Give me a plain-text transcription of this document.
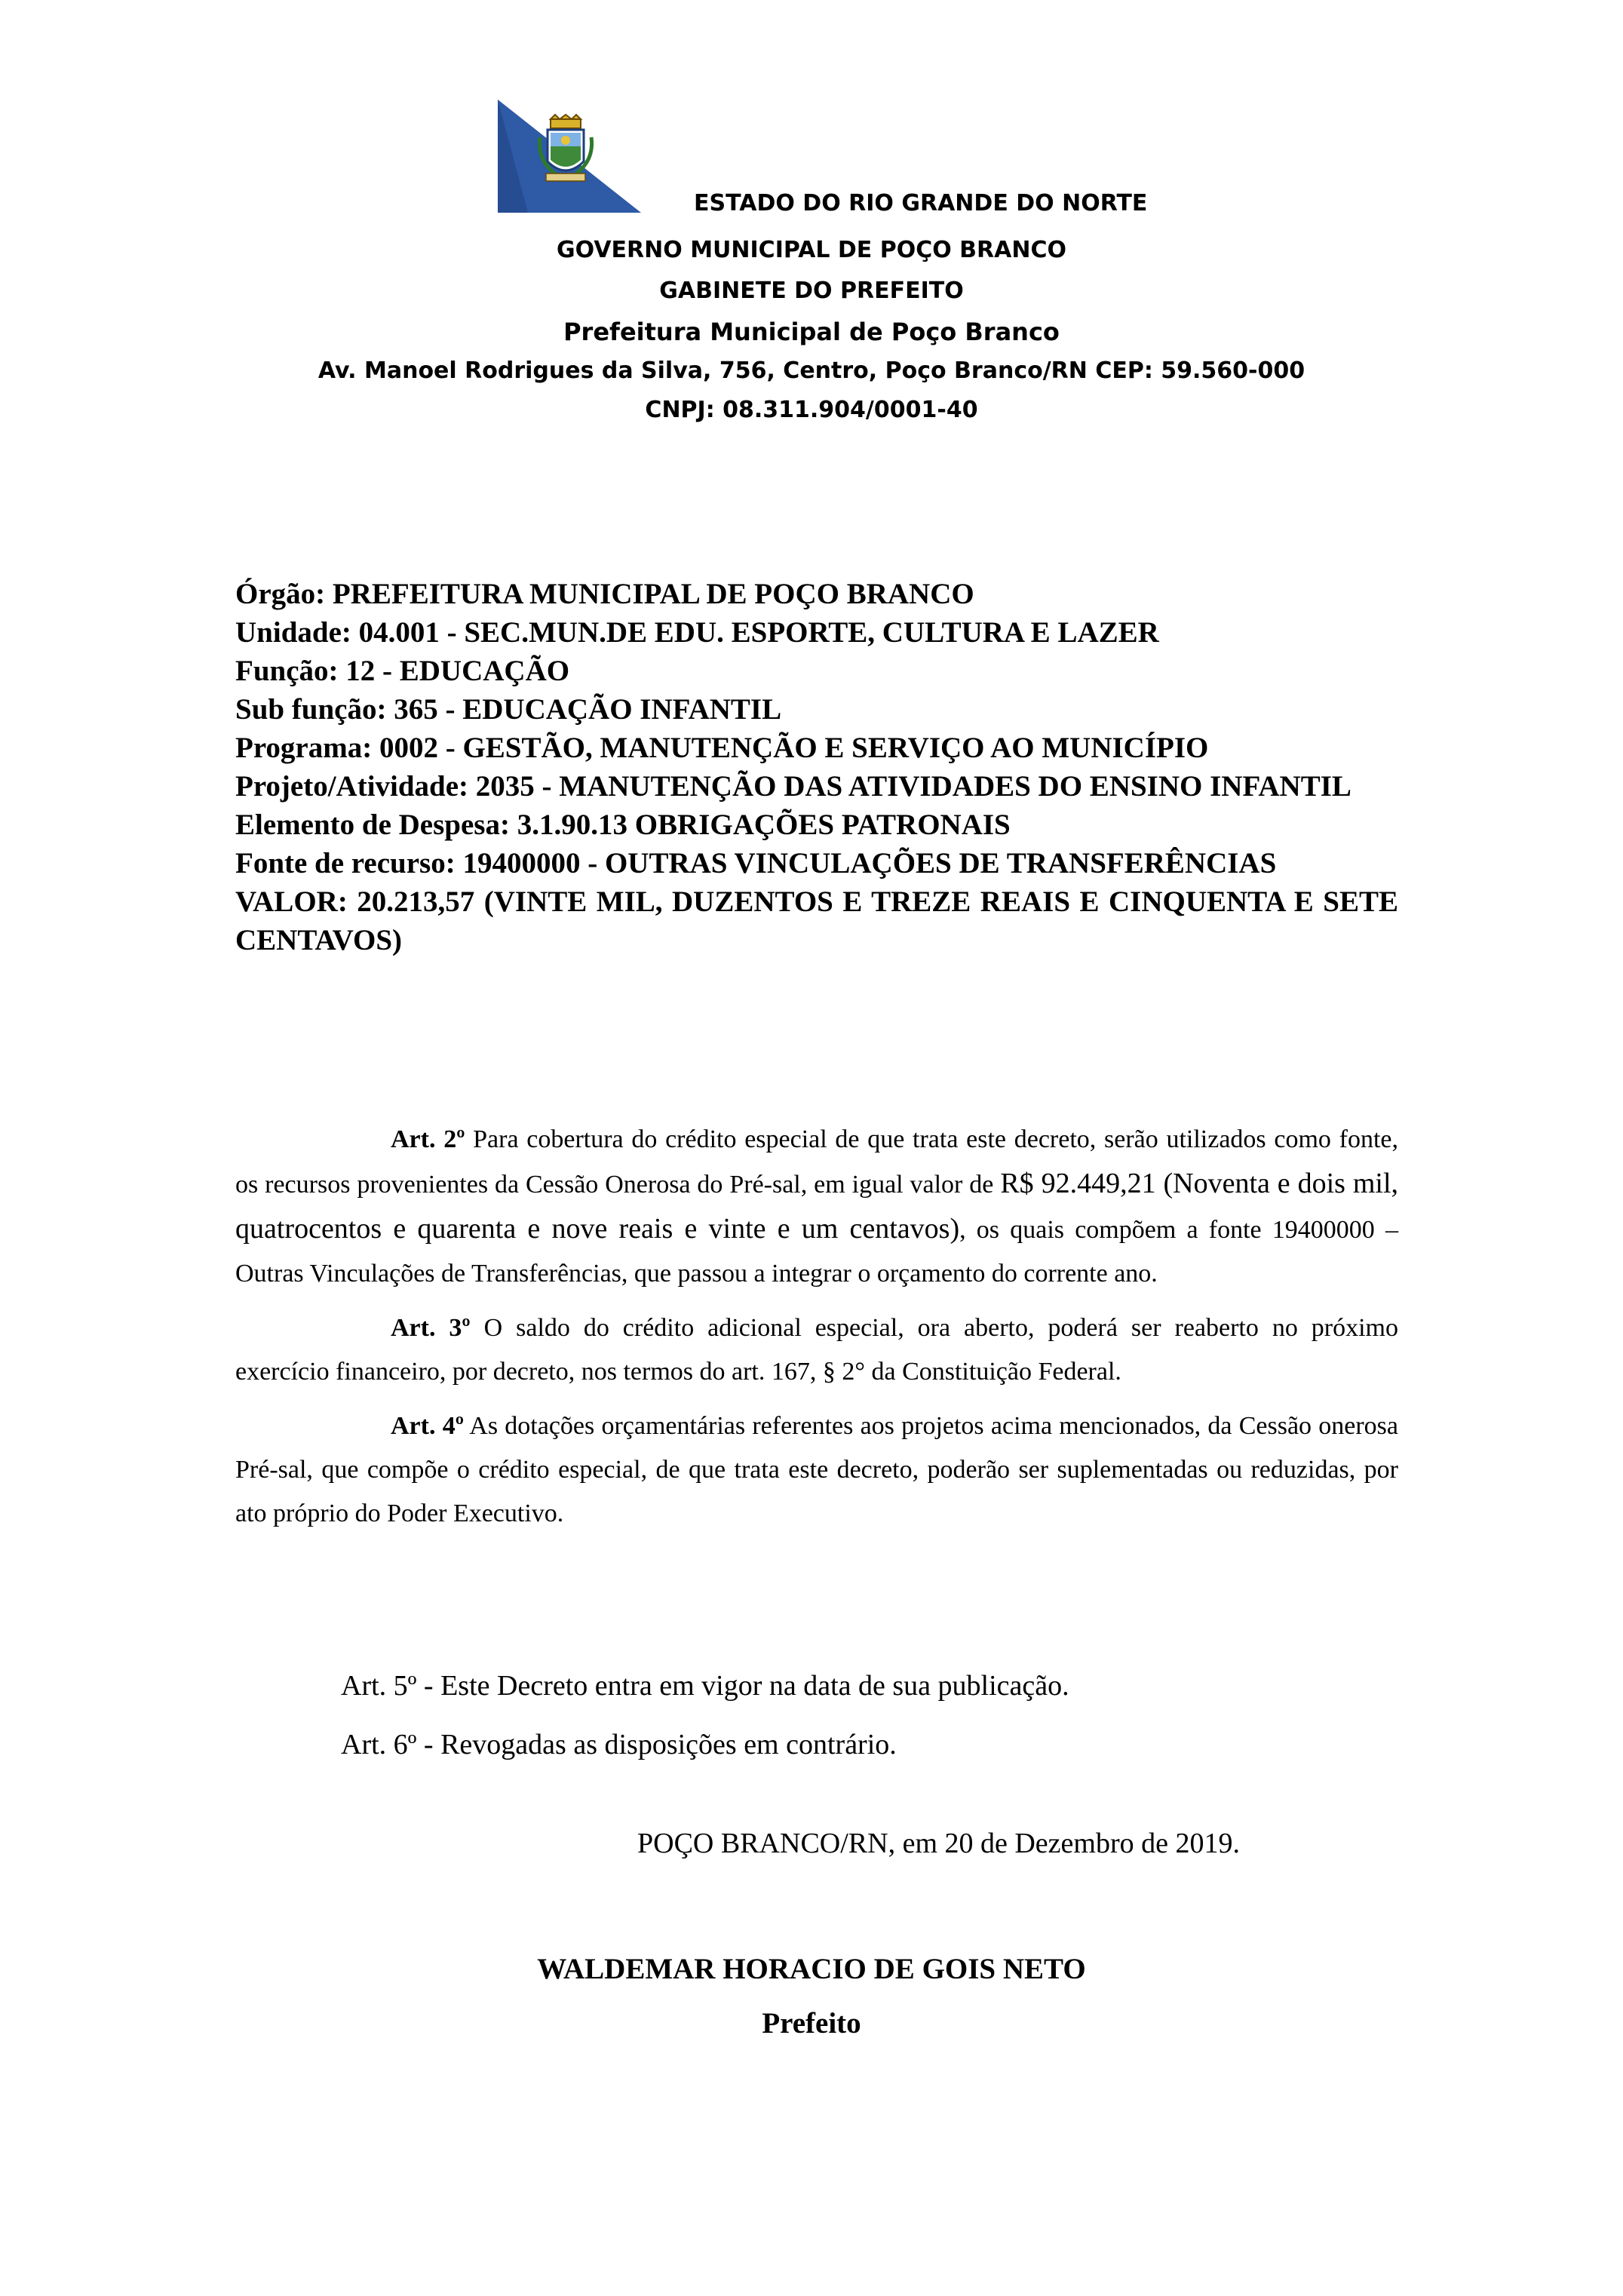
ESTADO DO RIO GRANDE DO NORTE
GOVERNO MUNICIPAL DE POÇO BRANCO
GABINETE DO PREFEITO
Prefeitura Municipal de Poço Branco
Av. Manoel Rodrigues da Silva, 756, Centro, Poço Branco/RN CEP: 59.560-000
CNPJ: 08.311.904/0001-40

Órgão: PREFEITURA MUNICIPAL DE POÇO BRANCO

Unidade: 04.001 - SEC.MUN.DE EDU. ESPORTE, CULTURA E LAZER

Função: 12 - EDUCAÇÃO

Sub função: 365 - EDUCAÇÃO INFANTIL

Programa: 0002 - GESTÃO, MANUTENÇÃO E SERVIÇO AO MUNICÍPIO

Projeto/Atividade: 2035 - MANUTENÇÃO DAS ATIVIDADES DO ENSINO INFANTIL

Elemento de Despesa: 3.1.90.13 OBRIGAÇÕES PATRONAIS

Fonte de recurso: 19400000 - OUTRAS VINCULAÇÕES DE TRANSFERÊNCIAS

VALOR: 20.213,57 (VINTE MIL, DUZENTOS E TREZE REAIS E CINQUENTA E SETE CENTAVOS)

Art. 2º Para cobertura do crédito especial de que trata este decreto, serão utilizados como fonte, os recursos provenientes da Cessão Onerosa do Pré-sal, em igual valor de R$ 92.449,21 (Noventa e dois mil, quatrocentos e quarenta e nove reais e vinte e um centavos), os quais compõem a fonte 19400000 – Outras Vinculações de Transferências, que passou a integrar o orçamento do corrente ano.

Art. 3º O saldo do crédito adicional especial, ora aberto, poderá ser reaberto no próximo exercício financeiro, por decreto, nos termos do art. 167, § 2° da Constituição Federal.

Art. 4º As dotações orçamentárias referentes aos projetos acima mencionados, da Cessão onerosa Pré-sal, que compõe o crédito especial, de que trata este decreto, poderão ser suplementadas ou reduzidas, por ato próprio do Poder Executivo.

Art. 5º - Este Decreto entra em vigor na data de sua publicação.

Art. 6º - Revogadas as disposições em contrário.

POÇO BRANCO/RN, em 20 de Dezembro de 2019.
WALDEMAR HORACIO DE GOIS NETO
Prefeito
